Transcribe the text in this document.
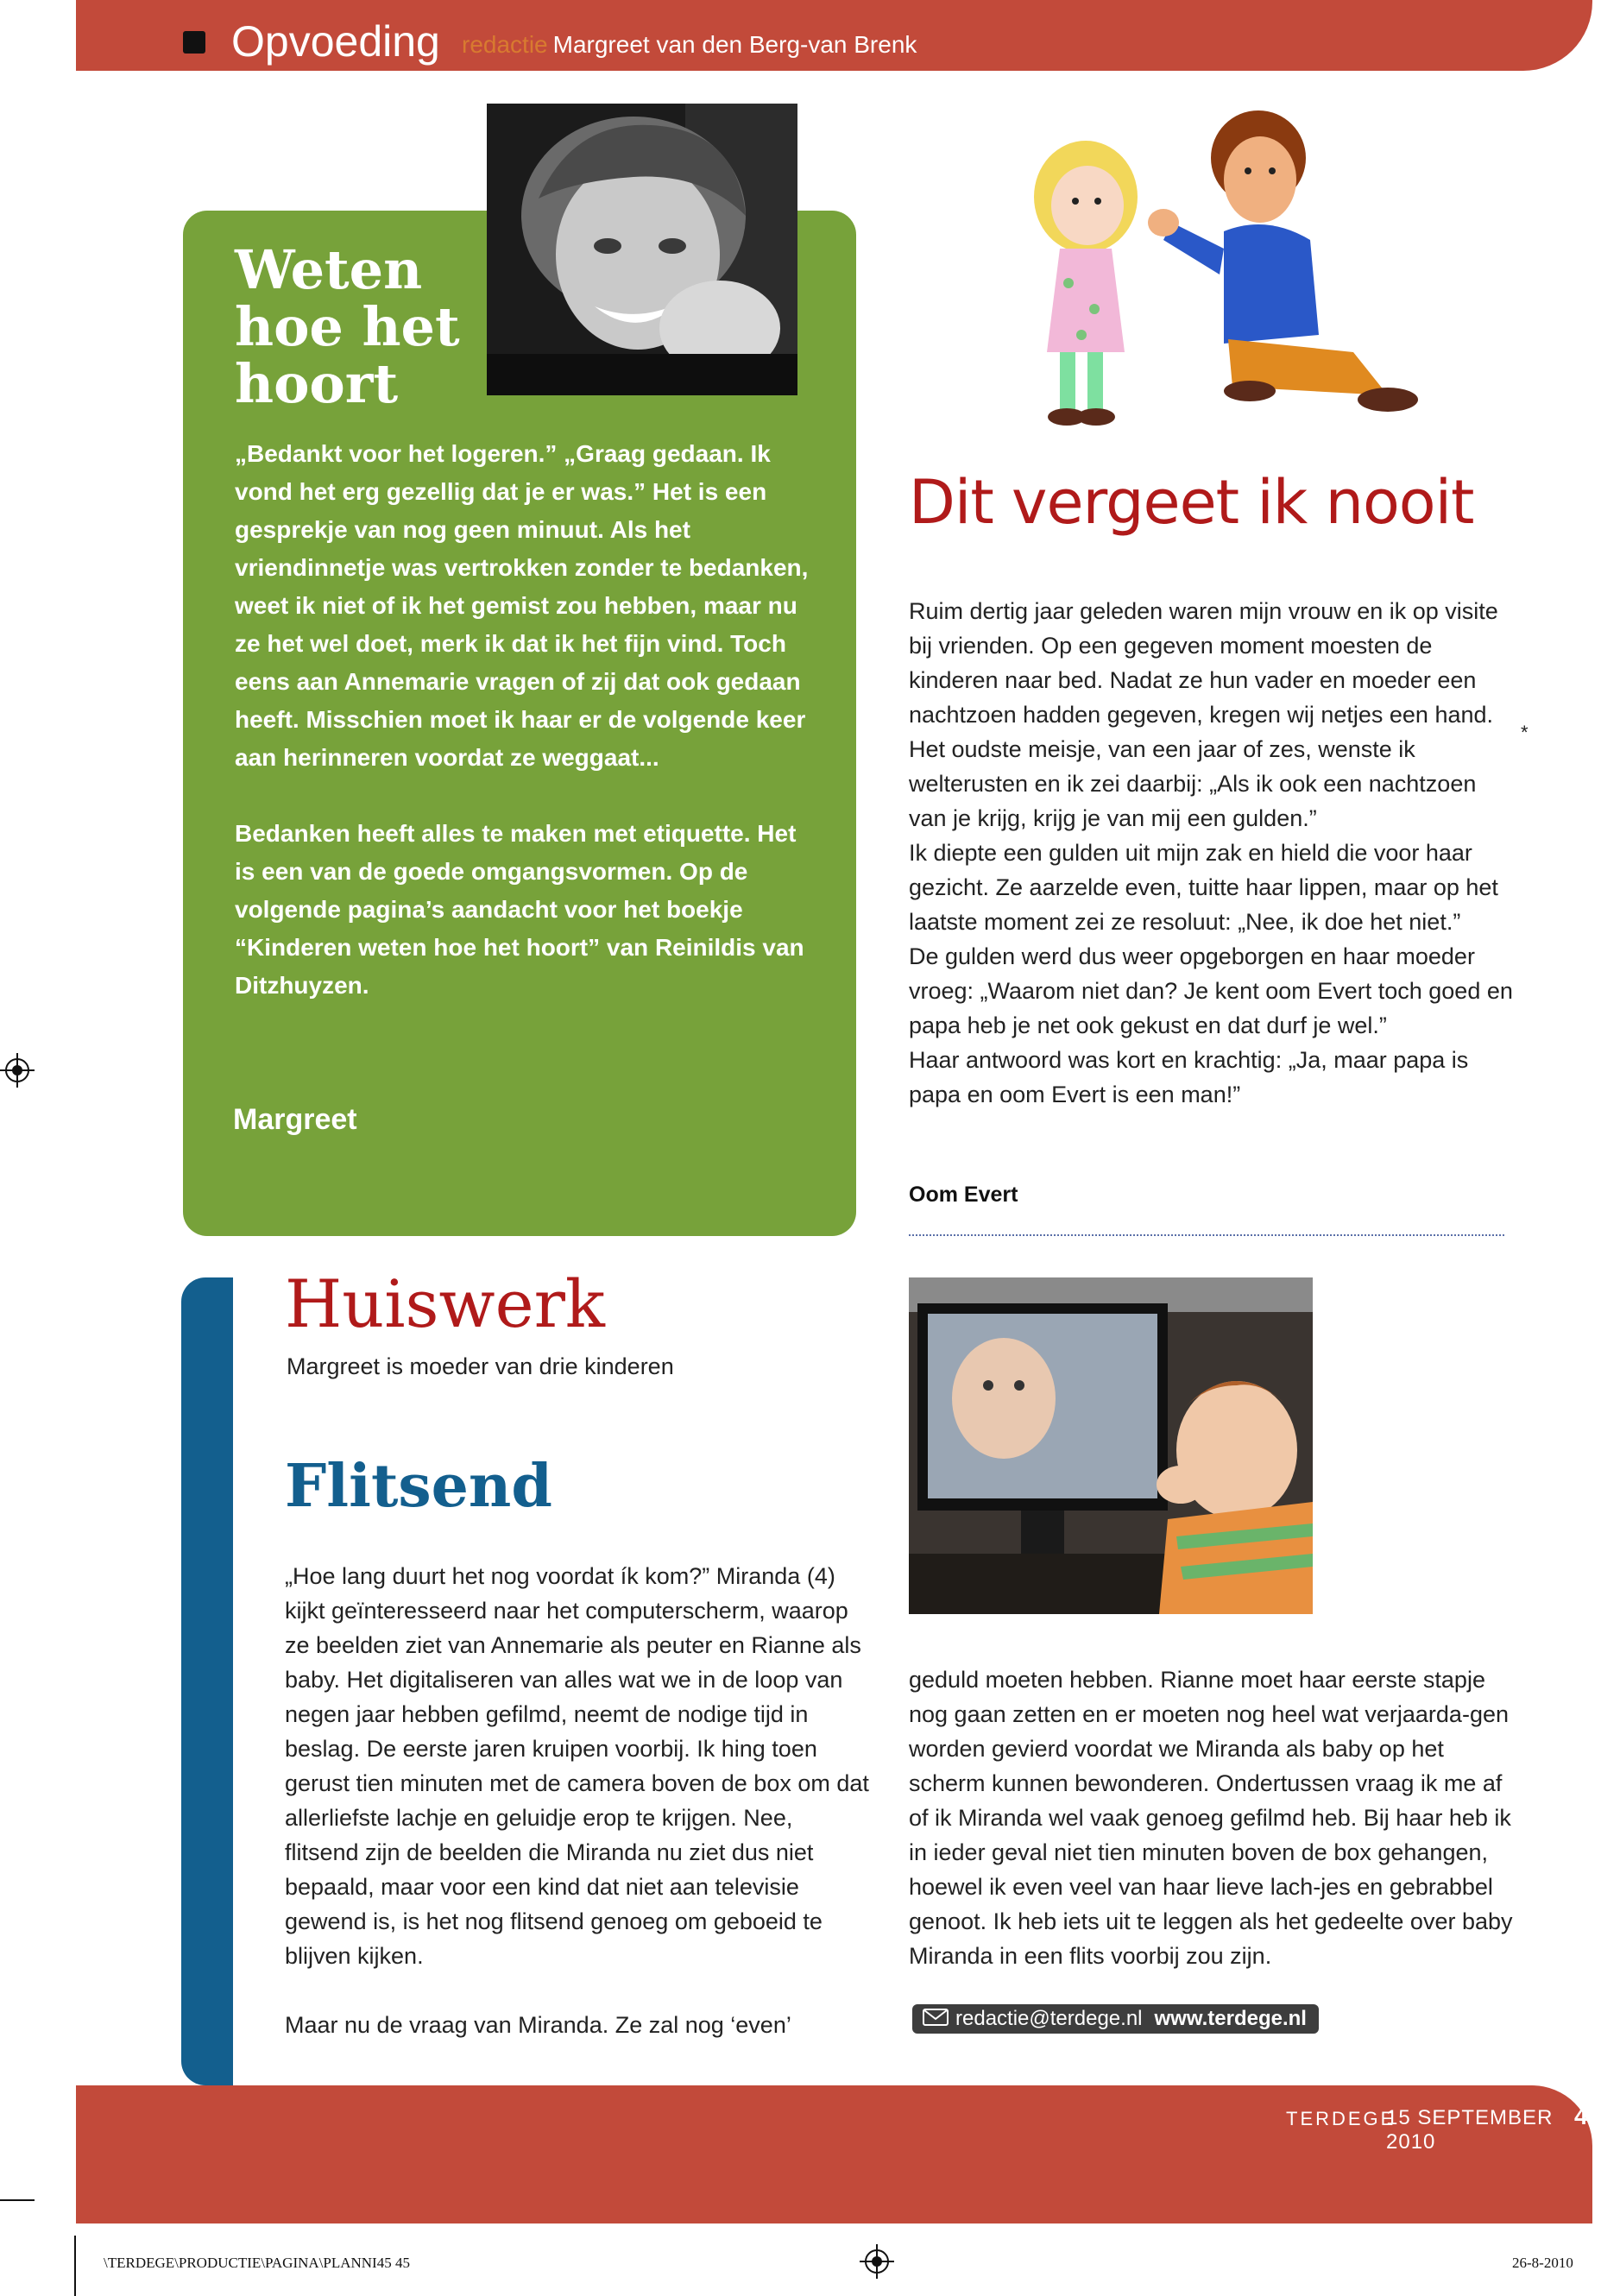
Opvoeding redactie Margreet van den Berg-van Brenk
Weten
hoe het
hoort

„Bedankt voor het logeren.” „Graag gedaan. Ik vond het erg gezellig dat je er was.” Het is een gesprekje van nog geen minuut. Als het vriendinnetje was vertrokken zonder te bedanken, weet ik niet of ik het gemist zou hebben, maar nu ze het wel doet, merk ik dat ik het fijn vind. Toch eens aan Annemarie vragen of zij dat ook gedaan heeft. Misschien moet ik haar er de volgende keer aan herinneren voordat ze weggaat...

Bedanken heeft alles te maken met etiquette. Het is een van de goede omgangsvormen. Op de volgende pagina’s aandacht voor het boekje “Kinderen weten hoe het hoort” van Reinildis van Ditzhuyzen.

Margreet
Dit vergeet ik nooit

Ruim dertig jaar geleden waren mijn vrouw en ik op visite bij vrienden. Op een gegeven moment moesten de kinderen naar bed. Nadat ze hun vader en moeder een nachtzoen hadden gegeven, kregen wij netjes een hand. Het oudste meisje, van een jaar of zes, wenste ik welterusten en ik zei daarbij: „Als ik ook een nachtzoen van je krijg, krijg je van mij een gulden.”

Ik diepte een gulden uit mijn zak en hield die voor haar gezicht. Ze aarzelde even, tuitte haar lippen, maar op het laatste moment zei ze resoluut: „Nee, ik doe het niet.”

De gulden werd dus weer opgeborgen en haar moeder vroeg: „Waarom niet dan? Je kent oom Evert toch goed en papa heb je net ook gekust en dat durf je wel.”

Haar antwoord was kort en krachtig: „Ja, maar papa is papa en oom Evert is een man!”

*
Oom Evert
Huiswerk
Margreet is moeder van drie kinderen
Flitsend

„Hoe lang duurt het nog voordat ík kom?” Miranda (4) kijkt geïnteresseerd naar het computerscherm, waarop ze beelden ziet van Annemarie als peuter en Rianne als baby. Het digitaliseren van alles wat we in de loop van negen jaar hebben gefilmd, neemt de nodige tijd in beslag. De eerste jaren kruipen voorbij. Ik hing toen gerust tien minuten met de camera boven de box om dat allerliefste lachje en geluidje erop te krijgen. Nee, flitsend zijn de beelden die Miranda nu ziet dus niet bepaald, maar voor een kind dat niet aan televisie gewend is, is het nog flitsend genoeg om geboeid te blijven kijken.

Maar nu de vraag van Miranda. Ze zal nog ‘even’

geduld moeten hebben. Rianne moet haar eerste stapje nog gaan zetten en er moeten nog heel wat verjaarda-gen worden gevierd voordat we Miranda als baby op het scherm kunnen bewonderen. Ondertussen vraag ik me af of ik Miranda wel vaak genoeg gefilmd heb. Bij haar heb ik in ieder geval niet tien minuten boven de box gehangen, hoewel ik even veel van haar lieve lach-jes en gebrabbel genoot. Ik heb iets uit te leggen als het gedeelte over baby Miranda in een flits voorbij zou zijn.

redactie@terdege.nl www.terdege.nl
TERDEGE
15 SEPTEMBER 2010
45
\TERDEGE\PRODUCTIE\PAGINA\PLANNI45 45	26-8-2010
